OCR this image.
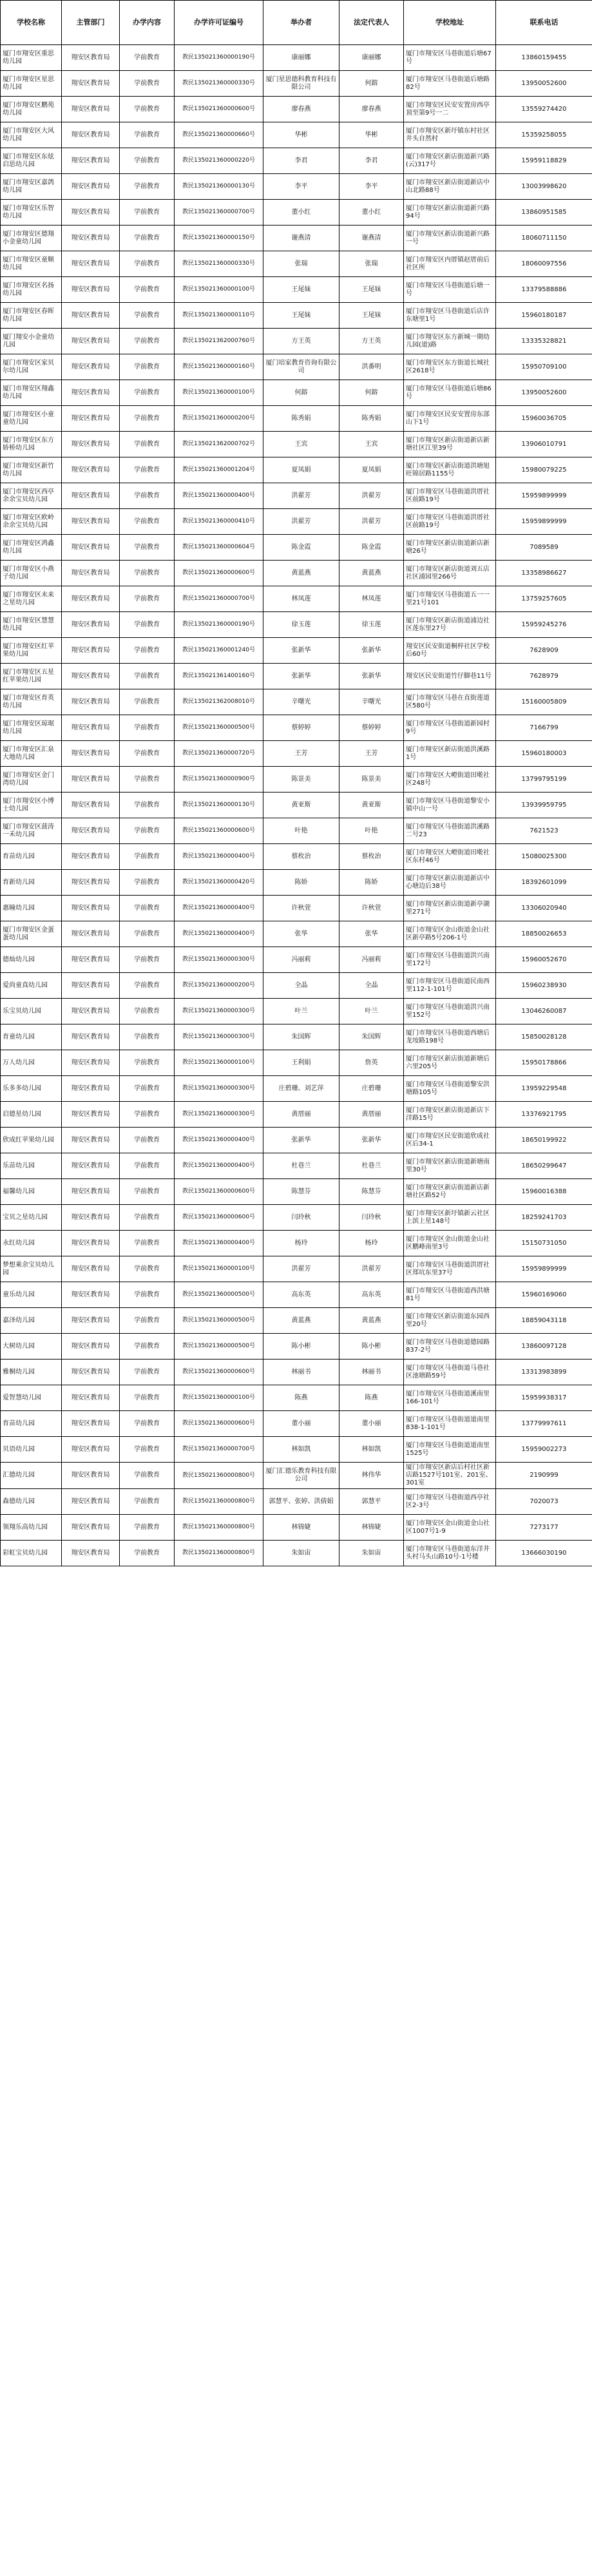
学校名称	主管部门	办学内容	办学许可证编号	举办者	法定代表人	学校地址	联系电话
厦门市翔安区重思幼儿园	翔安区教育局	学前教育	教民135021360000190号	康丽娜	康丽娜	厦门市翔安区马巷街道后塘67号	13860159455
厦门市翔安区星思幼儿园	翔安区教育局	学前教育	教民135021360000330号	厦门星思德科教育科技有限公司	何鎔	厦门市翔安区马巷街道后塘路82号	13950052600
厦门市翔安区鹏苑幼儿园	翔安区教育局	学前教育	教民135021360000600号	廖春燕	廖春燕	厦门市翔安区民安安置房西亭顶至第9号一二	13559274420
厦门市翔安区大风幼儿园	翔安区教育局	学前教育	教民135021360000660号	华彬	华彬	厦门市翔安区新圩镇东村社区井头自然村	15359258055
厦门市翔安区东炫启思幼儿园	翔安区教育局	学前教育	教民135021360000220号	李君	李君	厦门市翔安区新店街道新兴路(云)317号	15959118829
厦门市翔安区嘉鸽幼儿园	翔安区教育局	学前教育	教民135021360000130号	李平	李平	厦门市翔安区新店街道新店中山北路88号	13003998620
厦门市翔安区乐智幼儿园	翔安区教育局	学前教育	教民135021360000700号	董小红	董小红	厦门市翔安区新店街道新兴路94号	13860951585
厦门市翔安区德翔小金童幼儿园	翔安区教育局	学前教育	教民135021360000150号	谢燕清	谢燕清	厦门市翔安区新店街道新兴路一号	18060711150
厦门市翔安区童顺幼儿园	翔安区教育局	学前教育	教民135021360000330号	张瑞	张瑞	厦门市翔安区内厝镇赵厝前后社区所	18060097556
厦门市翔安区名扬幼儿园	翔安区教育局	学前教育	教民135021360000100号	王尾妹	王尾妹	厦门市翔安区马巷街道后塘一号	13379588886
厦门市翔安区春晖幼儿园	翔安区教育局	学前教育	教民135021360000110号	王尾妹	王尾妹	厦门市翔安区马巷街道后店许东塘里1号	15960180187
厦门翔安小金童幼儿园	翔安区教育局	学前教育	教民135021362000760号	方王英	方王英	厦门市翔安区东方新城一期幼儿园(道)路	13335328821
厦门市翔安区家贝尔幼儿园	翔安区教育局	学前教育	教民135021360000160号	厦门培家教育咨询有限公司	洪番明	厦门市翔安区东方街道长城社区2618号	15950709100
厦门市翔安区翔鑫幼儿园	翔安区教育局	学前教育	教民135021360000100号	何鎔	何鎔	厦门市翔安区马巷街道后塘86号	13950052600
厦门市翔安区小童童幼儿园	翔安区教育局	学前教育	教民135021360000200号	陈秀娟	陈秀娟	厦门市翔安区民安安置房东部山下1号	15960036705
厦门市翔安区东方娇桥幼儿园	翔安区教育局	学前教育	教民135021362000702号	王宾	王宾	厦门市翔安区新店街道新店新塘社区江里39号	13906010791
厦门市翔安区新竹幼儿园	翔安区教育局	学前教育	教民135021360001204号	夏凤娟	夏凤娟	厦门市翔安区新店街道洪塘旭旺锦居路1155号	15980079225
厦门市翔安区西亭余余宝贝幼儿园	翔安区教育局	学前教育	教民135021360000400号	洪翟芳	洪翟芳	厦门市翔安区马巷街道洪厝社区前路19号	15959899999
厦门市翔安区欧岭余余宝贝幼儿园	翔安区教育局	学前教育	教民135021360000410号	洪翟芳	洪翟芳	厦门市翔安区马巷街道洪厝社区前路19号	15959899999
厦门市翔安区鸿鑫幼儿园	翔安区教育局	学前教育	教民135021360000604号	陈金霞	陈金霞	厦门市翔安区新店街道新店新塘26号	7089589
厦门市翔安区小燕子幼儿园	翔安区教育局	学前教育	教民135021360000600号	黄蓝燕	黄蓝燕	厦门市翔安区新店街道刘五店社区浦园里266号	13358986627
厦门市翔安区未来之星幼儿园	翔安区教育局	学前教育	教民135021360000700号	林凤莲	林凤莲	厦门市翔安区马巷街道五一一里21号101	13759257605
厦门市翔安区慧慧幼儿园	翔安区教育局	学前教育	教民135021360000190号	徐玉莲	徐玉莲	厦门市翔安区新店街道浦边社区莲东里27号	15959245276
厦门市翔安区红苹果幼儿园	翔安区教育局	学前教育	教民135021360001240号	张新华	张新华	翔安区民安街道桐梓社区学校后60号	7628909
厦门市翔安区五星红苹果幼儿园	翔安区教育局	学前教育	教民135021361400160号	张新华	张新华	翔安区民安街道竹仔脚巷11号	7628979
厦门市翔安区育英幼儿园	翔安区教育局	学前教育	教民135021362008010号	辛曙光	辛曙光	厦门市翔安区马巷在直街莲道区580号	15160005809
厦门市翔安区琼琚幼儿园	翔安区教育局	学前教育	教民135021360000500号	蔡婷婷	蔡婷婷	厦门市翔安区马巷街道新园村9号	7166799
厦门市翔安区汇泉大地幼儿园	翔安区教育局	学前教育	教民135021360000720号	王芳	王芳	厦门市翔安区新店街道洪溪路1号	15960180003
厦门市翔安区金门湾幼儿园	翔安区教育局	学前教育	教民135021360000900号	陈景美	陈景美	厦门市翔安区大嶝街道田墘社区248号	13799795199
厦门市翔安区小博士幼儿园	翔安区教育局	学前教育	教民135021360000130号	黄亚斯	黄亚斯	厦门市翔安区马巷街道黎安小镇中山一号	13939959795
厦门市翔安区菠涛一禾幼儿园	翔安区教育局	学前教育	教民135021360000600号	叶艳	叶艳	厦门市翔安区马巷街道洪溪路二号23	7621523
育苗幼儿园	翔安区教育局	学前教育	教民135021360000400号	蔡枚治	蔡枚治	厦门市翔安区大嶝街道田墘社区东村46号	15080025300
育新幼儿园	翔安区教育局	学前教育	教民135021360000420号	陈娇	陈娇	厦门市翔安区新店街道新店中心塘边后38号	18392601099
惠瞳幼儿园	翔安区教育局	学前教育	教民135021360000400号	许秋萱	许秋萱	厦门市翔安区新店街道新亭湖里271号	13306020940
厦门市翔安区金蛋蛋幼儿园	翔安区教育局	学前教育	教民135021360000400号	张华	张华	厦门市翔安区金山街道金山社区新亭路5号206-1号	18850026653
德灿幼儿园	翔安区教育局	学前教育	教民135021360000300号	冯丽莉	冯丽莉	厦门市翔安区马巷街道洪兴南里172号	15960052670
爱尚童真幼儿园	翔安区教育局	学前教育	教民135021360000200号	全晶	全晶	厦门市翔安区马巷街道民南西里112-1-101号	15960238930
乐宝贝幼儿园	翔安区教育局	学前教育	教民135021360000300号	叶兰	叶兰	厦门市翔安区马巷街道洪兴南里152号	13046260087
育童幼儿园	翔安区教育局	学前教育	教民135021360000300号	朱国辉	朱国辉	厦门市翔安区马巷街道西塘后龙垵路198号	15850028128
万人幼儿园	翔安区教育局	学前教育	教民135021360000100号	王利娟	詹英	厦门市翔安区新店街道新塘后六里205号	15950178866
乐多多幼儿园	翔安区教育局	学前教育	教民135021360000300号	庄碧珊、刘艺萍	庄碧珊	厦门市翔安区马巷街道黎安洪塘路105号	13959229548
启德星幼儿园	翔安区教育局	学前教育	教民135021360000300号	黄厝丽	黄厝丽	厦门市翔安区新店街道新店下洋路15号	13376921795
欣成红苹果幼儿园	翔安区教育局	学前教育	教民135021360000400号	张新华	张新华	厦门市翔安区民安街道欣成社区后34-1	18650199922
乐苗幼儿园	翔安区教育局	学前教育	教民135021360000400号	杜巷兰	杜巷兰	厦门市翔安区新店街道新塘南里30号	18650299647
福馨幼儿园	翔安区教育局	学前教育	教民135021360000600号	陈慧芬	陈慧芬	厦门市翔安区新店街道新店新塘社区路52号	15960016388
宝贝之星幼儿园	翔安区教育局	学前教育	教民135021360000600号	闫玲秋	闫玲秋	厦门市翔安区新圩镇新云社区上滨上星148号	18259241703
永红幼儿园	翔安区教育局	学前教育	教民135021360000400号	杨玲	杨玲	厦门市翔安区金山街道金山社区鹏峰南里3号	15150731050
梦想乘余宝贝幼儿园	翔安区教育局	学前教育	教民135021360000100号	洪翟芳	洪翟芳	厦门市翔安区马巷街道洪厝社区郑坑东里37号	15959899999
童乐幼儿园	翔安区教育局	学前教育	教民135021360000500号	高东英	高东英	厦门市翔安区马巷街道西洪塘81号	15960169060
嘉泽幼儿园	翔安区教育局	学前教育	教民135021360000500号	黄蓝燕	黄蓝燕	厦门市翔安区新店街道东园西里20号	18859043118
大树幼儿园	翔安区教育局	学前教育	教民135021360000500号	陈小彬	陈小彬	厦门市翔安区马巷街道德园路837-2号	13860097128
雅桐幼儿园	翔安区教育局	学前教育	教民135021360000600号	林丽书	林丽书	厦门市翔安区马巷街道马巷社区池塘路59号	13313983899
爱智慧幼儿园	翔安区教育局	学前教育	教民135021360000100号	陈燕	陈燕	厦门市翔安区马巷街道溪南里166-101号	15959938317
育苗幼儿园	翔安区教育局	学前教育	教民135021360000600号	董小丽	董小丽	厦门市翔安区马巷街道道南里838-1-101号	13779997611
贝语幼儿园	翔安区教育局	学前教育	教民135021360000700号	林如凯	林如凯	厦门市翔安区马巷街道道南里1525号	15959002273
汇德幼儿园	翔安区教育局	学前教育	教民135021360000800号	厦门汇德乐教育科技有限公司	林伟华	厦门市翔安区新店后村社区新店路1527号101室、201室、301室	2190999
森德幼儿园	翔安区教育局	学前教育	教民135021360000800号	郭慧平、张婷、洪倩娟	郭慧平	厦门市翔安区马巷街道西亭社区2-3号	7020073
领翔乐高幼儿园	翔安区教育局	学前教育	教民135021360000800号	林锦婕	林锦婕	厦门市翔安区金山街道金山社区1007号1-9	7273177
彩虹宝贝幼儿园	翔安区教育局	学前教育	教民135021360000800号	朱如宙	朱如宙	厦门市翔安区马巷街道东洋井头村马头山路10号-1号楼	13666030190
